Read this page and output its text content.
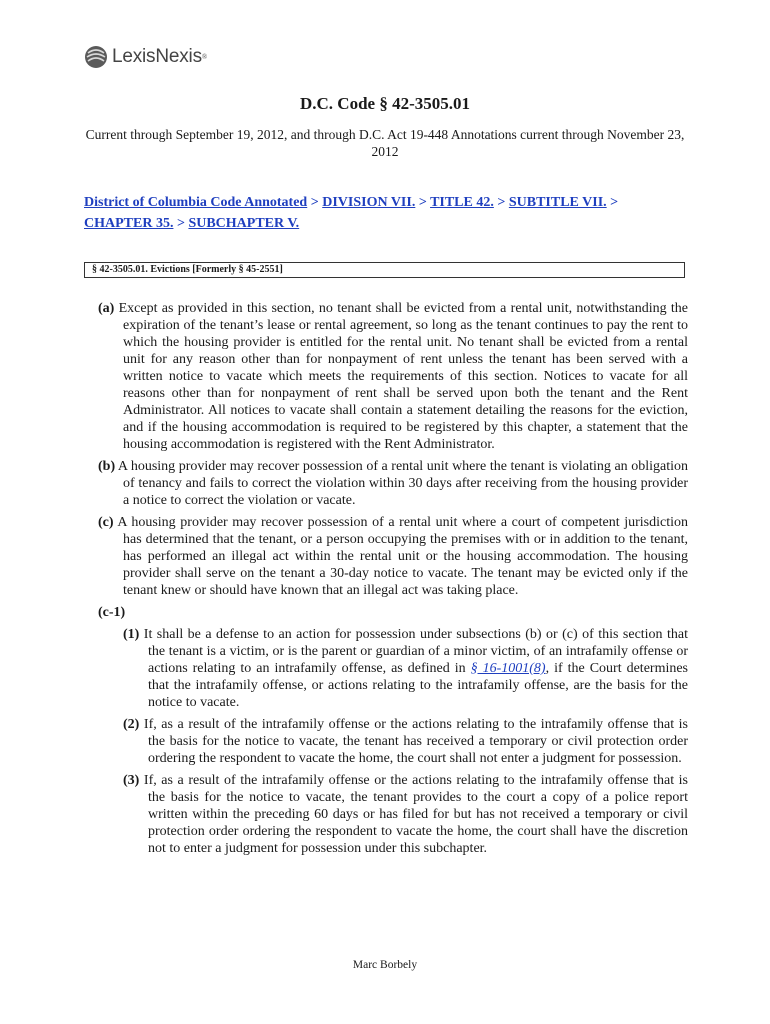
LexisNexis ®
D.C. Code § 42-3505.01
Current through September 19, 2012, and through D.C. Act 19-448 Annotations current through November 23, 2012
District of Columbia Code Annotated > DIVISION VII. > TITLE 42. > SUBTITLE VII. > CHAPTER 35. > SUBCHAPTER V.
§ 42-3505.01. Evictions [Formerly § 45-2551]

(a) Except as provided in this section, no tenant shall be evicted from a rental unit, notwithstanding the expiration of the tenant’s lease or rental agreement, so long as the tenant continues to pay the rent to which the housing provider is entitled for the rental unit. No tenant shall be evicted from a rental unit for any reason other than for nonpayment of rent unless the tenant has been served with a written notice to vacate which meets the requirements of this section. Notices to vacate for all reasons other than for nonpayment of rent shall be served upon both the tenant and the Rent Administrator. All notices to vacate shall contain a statement detailing the reasons for the eviction, and if the housing accommodation is required to be registered by this chapter, a statement that the housing accommodation is registered with the Rent Administrator.

(b) A housing provider may recover possession of a rental unit where the tenant is violating an obligation of tenancy and fails to correct the violation within 30 days after receiving from the housing provider a notice to correct the violation or vacate.

(c) A housing provider may recover possession of a rental unit where a court of competent jurisdiction has determined that the tenant, or a person occupying the premises with or in addition to the tenant, has performed an illegal act within the rental unit or the housing accommodation. The housing provider shall serve on the tenant a 30-day notice to vacate. The tenant may be evicted only if the tenant knew or should have known that an illegal act was taking place.

(c-1)

(1) It shall be a defense to an action for possession under subsections (b) or (c) of this section that the tenant is a victim, or is the parent or guardian of a minor victim, of an intrafamily offense or actions relating to an intrafamily offense, as defined in § 16-1001(8), if the Court determines that the intrafamily offense, or actions relating to the intrafamily offense, are the basis for the notice to vacate.

(2) If, as a result of the intrafamily offense or the actions relating to the intrafamily offense that is the basis for the notice to vacate, the tenant has received a temporary or civil protection order ordering the respondent to vacate the home, the court shall not enter a judgment for possession.

(3) If, as a result of the intrafamily offense or the actions relating to the intrafamily offense that is the basis for the notice to vacate, the tenant provides to the court a copy of a police report written within the preceding 60 days or has filed for but has not received a temporary or civil protection order ordering the respondent to vacate the home, the court shall have the discretion not to enter a judgment for possession under this subchapter.

Marc Borbely
